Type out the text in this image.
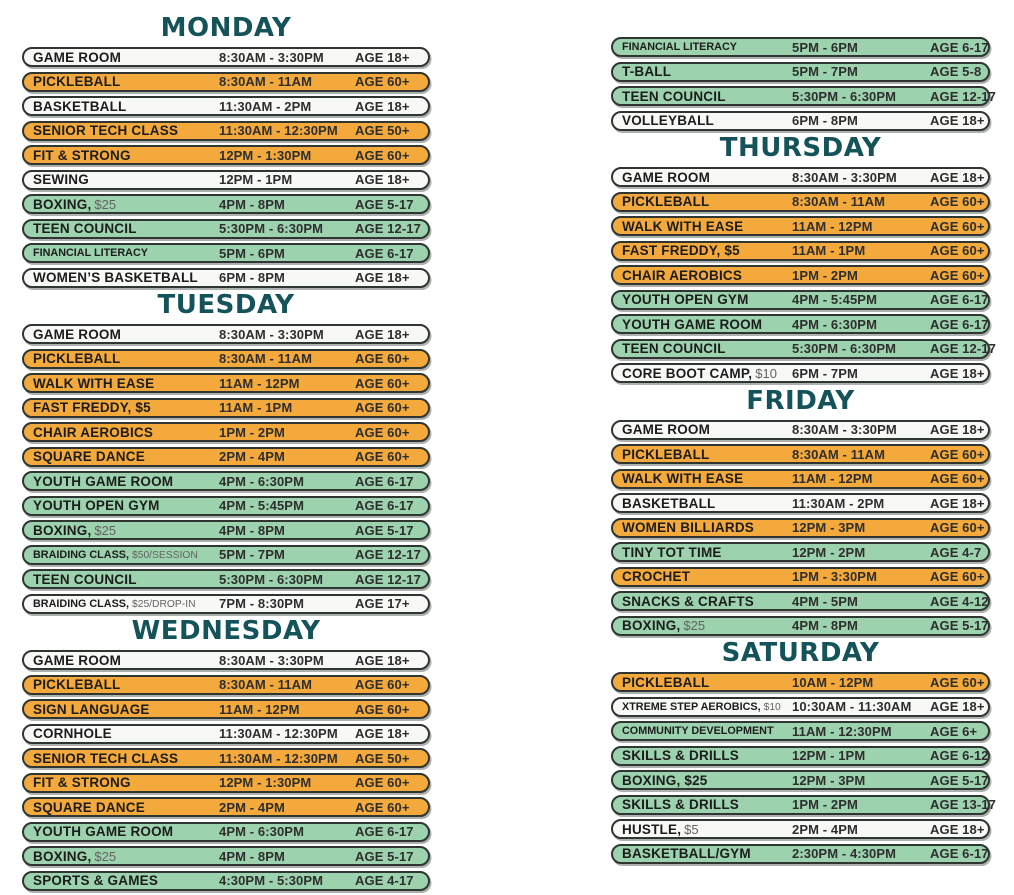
MONDAY
GAME ROOM	8:30AM - 3:30PM	AGE 18+
PICKLEBALL	8:30AM - 11AM	AGE 60+
BASKETBALL	11:30AM - 2PM	AGE 18+
SENIOR TECH CLASS	11:30AM - 12:30PM	AGE 50+
FIT & STRONG	12PM - 1:30PM	AGE 60+
SEWING	12PM - 1PM	AGE 18+
BOXING, $25	4PM - 8PM	AGE 5-17
TEEN COUNCIL	5:30PM - 6:30PM	AGE 12-17
FINANCIAL LITERACY	5PM - 6PM	AGE 6-17
WOMEN’S BASKETBALL	6PM - 8PM	AGE 18+
TUESDAY
GAME ROOM	8:30AM - 3:30PM	AGE 18+
PICKLEBALL	8:30AM - 11AM	AGE 60+
WALK WITH EASE	11AM - 12PM	AGE 60+
FAST FREDDY, $5	11AM - 1PM	AGE 60+
CHAIR AEROBICS	1PM - 2PM	AGE 60+
SQUARE DANCE	2PM - 4PM	AGE 60+
YOUTH GAME ROOM	4PM - 6:30PM	AGE 6-17
YOUTH OPEN GYM	4PM - 5:45PM	AGE 6-17
BOXING, $25	4PM - 8PM	AGE 5-17
BRAIDING CLASS, $50/SESSION	5PM - 7PM	AGE 12-17
TEEN COUNCIL	5:30PM - 6:30PM	AGE 12-17
BRAIDING CLASS, $25/DROP-IN	7PM - 8:30PM	AGE 17+
WEDNESDAY
GAME ROOM	8:30AM - 3:30PM	AGE 18+
PICKLEBALL	8:30AM - 11AM	AGE 60+
SIGN LANGUAGE	11AM - 12PM	AGE 60+
CORNHOLE	11:30AM - 12:30PM	AGE 18+
SENIOR TECH CLASS	11:30AM - 12:30PM	AGE 50+
FIT & STRONG	12PM - 1:30PM	AGE 60+
SQUARE DANCE	2PM - 4PM	AGE 60+
YOUTH GAME ROOM	4PM - 6:30PM	AGE 6-17
BOXING, $25	4PM - 8PM	AGE 5-17
SPORTS & GAMES	4:30PM - 5:30PM	AGE 4-17
FINANCIAL LITERACY	5PM - 6PM	AGE 6-17
T-BALL	5PM - 7PM	AGE 5-8
TEEN COUNCIL	5:30PM - 6:30PM	AGE 12-17
VOLLEYBALL	6PM - 8PM	AGE 18+
THURSDAY
GAME ROOM	8:30AM - 3:30PM	AGE 18+
PICKLEBALL	8:30AM - 11AM	AGE 60+
WALK WITH EASE	11AM - 12PM	AGE 60+
FAST FREDDY, $5	11AM - 1PM	AGE 60+
CHAIR AEROBICS	1PM - 2PM	AGE 60+
YOUTH OPEN GYM	4PM - 5:45PM	AGE 6-17
YOUTH GAME ROOM	4PM - 6:30PM	AGE 6-17
TEEN COUNCIL	5:30PM - 6:30PM	AGE 12-17
CORE BOOT CAMP, $10	6PM - 7PM	AGE 18+
FRIDAY
GAME ROOM	8:30AM - 3:30PM	AGE 18+
PICKLEBALL	8:30AM - 11AM	AGE 60+
WALK WITH EASE	11AM - 12PM	AGE 60+
BASKETBALL	11:30AM - 2PM	AGE 18+
WOMEN BILLIARDS	12PM - 3PM	AGE 60+
TINY TOT TIME	12PM - 2PM	AGE 4-7
CROCHET	1PM - 3:30PM	AGE 60+
SNACKS & CRAFTS	4PM - 5PM	AGE 4-12
BOXING, $25	4PM - 8PM	AGE 5-17
SATURDAY
PICKLEBALL	10AM - 12PM	AGE 60+
XTREME STEP AEROBICS, $10 10:30AM - 11:30AM	AGE 18+
COMMUNITY DEVELOPMENT	11AM - 12:30PM	AGE 6+
SKILLS & DRILLS	12PM - 1PM	AGE 6-12
BOXING, $25	12PM - 3PM	AGE 5-17
SKILLS & DRILLS	1PM - 2PM	AGE 13-17
HUSTLE, $5	2PM - 4PM	AGE 18+
BASKETBALL/GYM	2:30PM - 4:30PM	AGE 6-17
